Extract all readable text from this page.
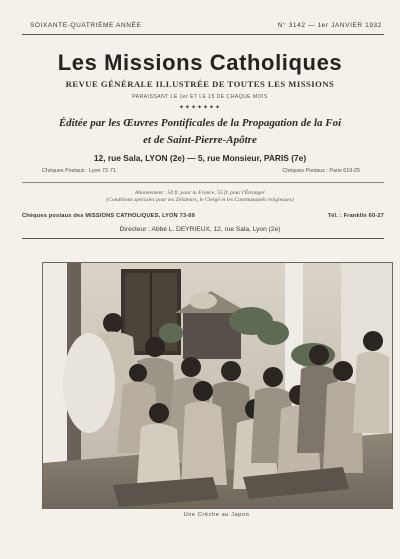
SOIXANTE-QUATRIÈME ANNÉE	N° 3142 — 1er JANVIER 1932
Les Missions Catholiques
REVUE GÉNÉRALE ILLUSTRÉE DE TOUTES LES MISSIONS
PARAISSANT LE 1er ET LE 15 DE CHAQUE MOIS
✦✦✦✦✦✦✦
Éditée par les Œuvres Pontificales de la Propagation de la Foi
et de Saint-Pierre-Apôtre
12, rue Sala, LYON (2e) — 5, rue Monsieur, PARIS (7e)
Chèques Postaux : Lyon 72-71	Chèques Postaux : Paris 619-25
Abonnement : 50 fr. pour la France, 55 fr. pour l'Étranger
(Conditions spéciales pour les Zélateurs, le Clergé et les Communautés religieuses)
Chèques postaux des MISSIONS CATHOLIQUES, LYON 73-69	Tél. : Franklin 60-27
Directeur : Abbé L. DEYRIEUX, 12, rue Sala, Lyon (2e)
Une Crèche au Japon
